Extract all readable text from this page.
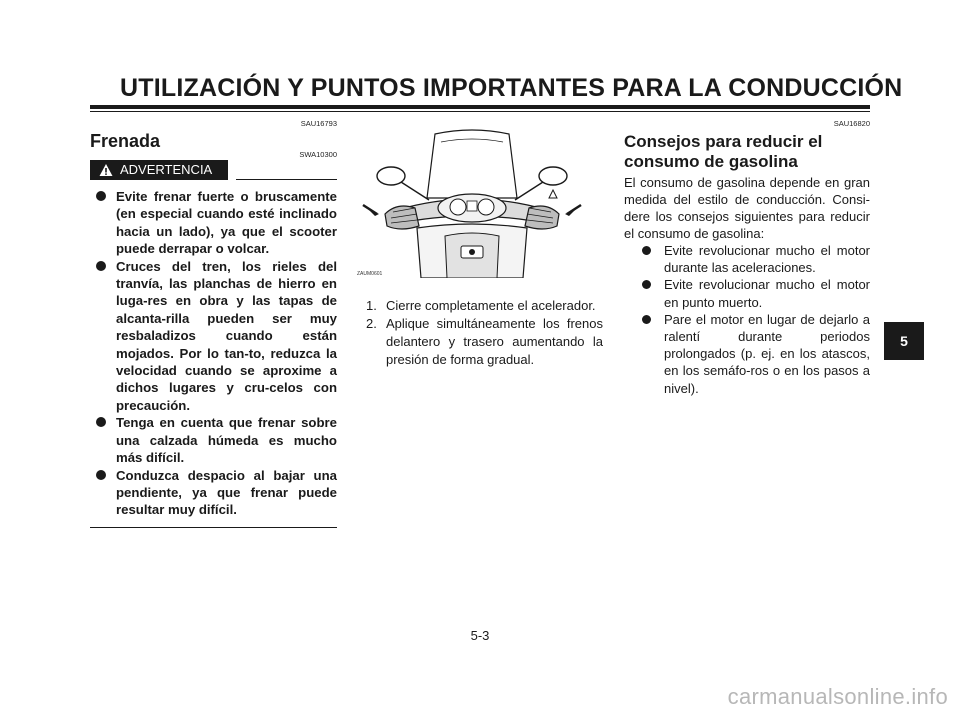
UTILIZACIÓN Y PUNTOS IMPORTANTES PARA LA CONDUCCIÓN
SAU16793
Frenada
ADVERTENCIA
Evite frenar fuerte o bruscamente (en especial cuando esté inclinado hacia un lado), ya que el scooter puede derrapar o volcar.
Cruces del tren, los rieles del tranvía, las planchas de hierro en luga-res en obra y las tapas de alcanta-rilla pueden ser muy resbaladizos cuando están mojados. Por lo tan-to, reduzca la velocidad cuando se aproxime a dichos lugares y cru-celos con precaución.
Tenga en cuenta que frenar sobre una calzada húmeda es mucho más difícil.
Conduzca despacio al bajar una pendiente, ya que frenar puede resultar muy difícil.
SWA10300
ZAUM0601
1. Cierre completamente el acelerador.
2. Aplique simultáneamente los frenos delantero y trasero aumentando la presión de forma gradual.
SAU16820
Consejos para reducir el
consumo de gasolina

El consumo de gasolina depende en gran medida del estilo de conducción. Consi-dere los consejos siguientes para reducir el consumo de gasolina:

Evite revolucionar mucho el motor durante las aceleraciones.
Evite revolucionar mucho el motor en punto muerto.
Pare el motor en lugar de dejarlo a ralentí durante periodos prolongados (p. ej. en los atascos, en los semáfo-ros o en los pasos a nivel).
5
5-3
carmanualsonline.info
